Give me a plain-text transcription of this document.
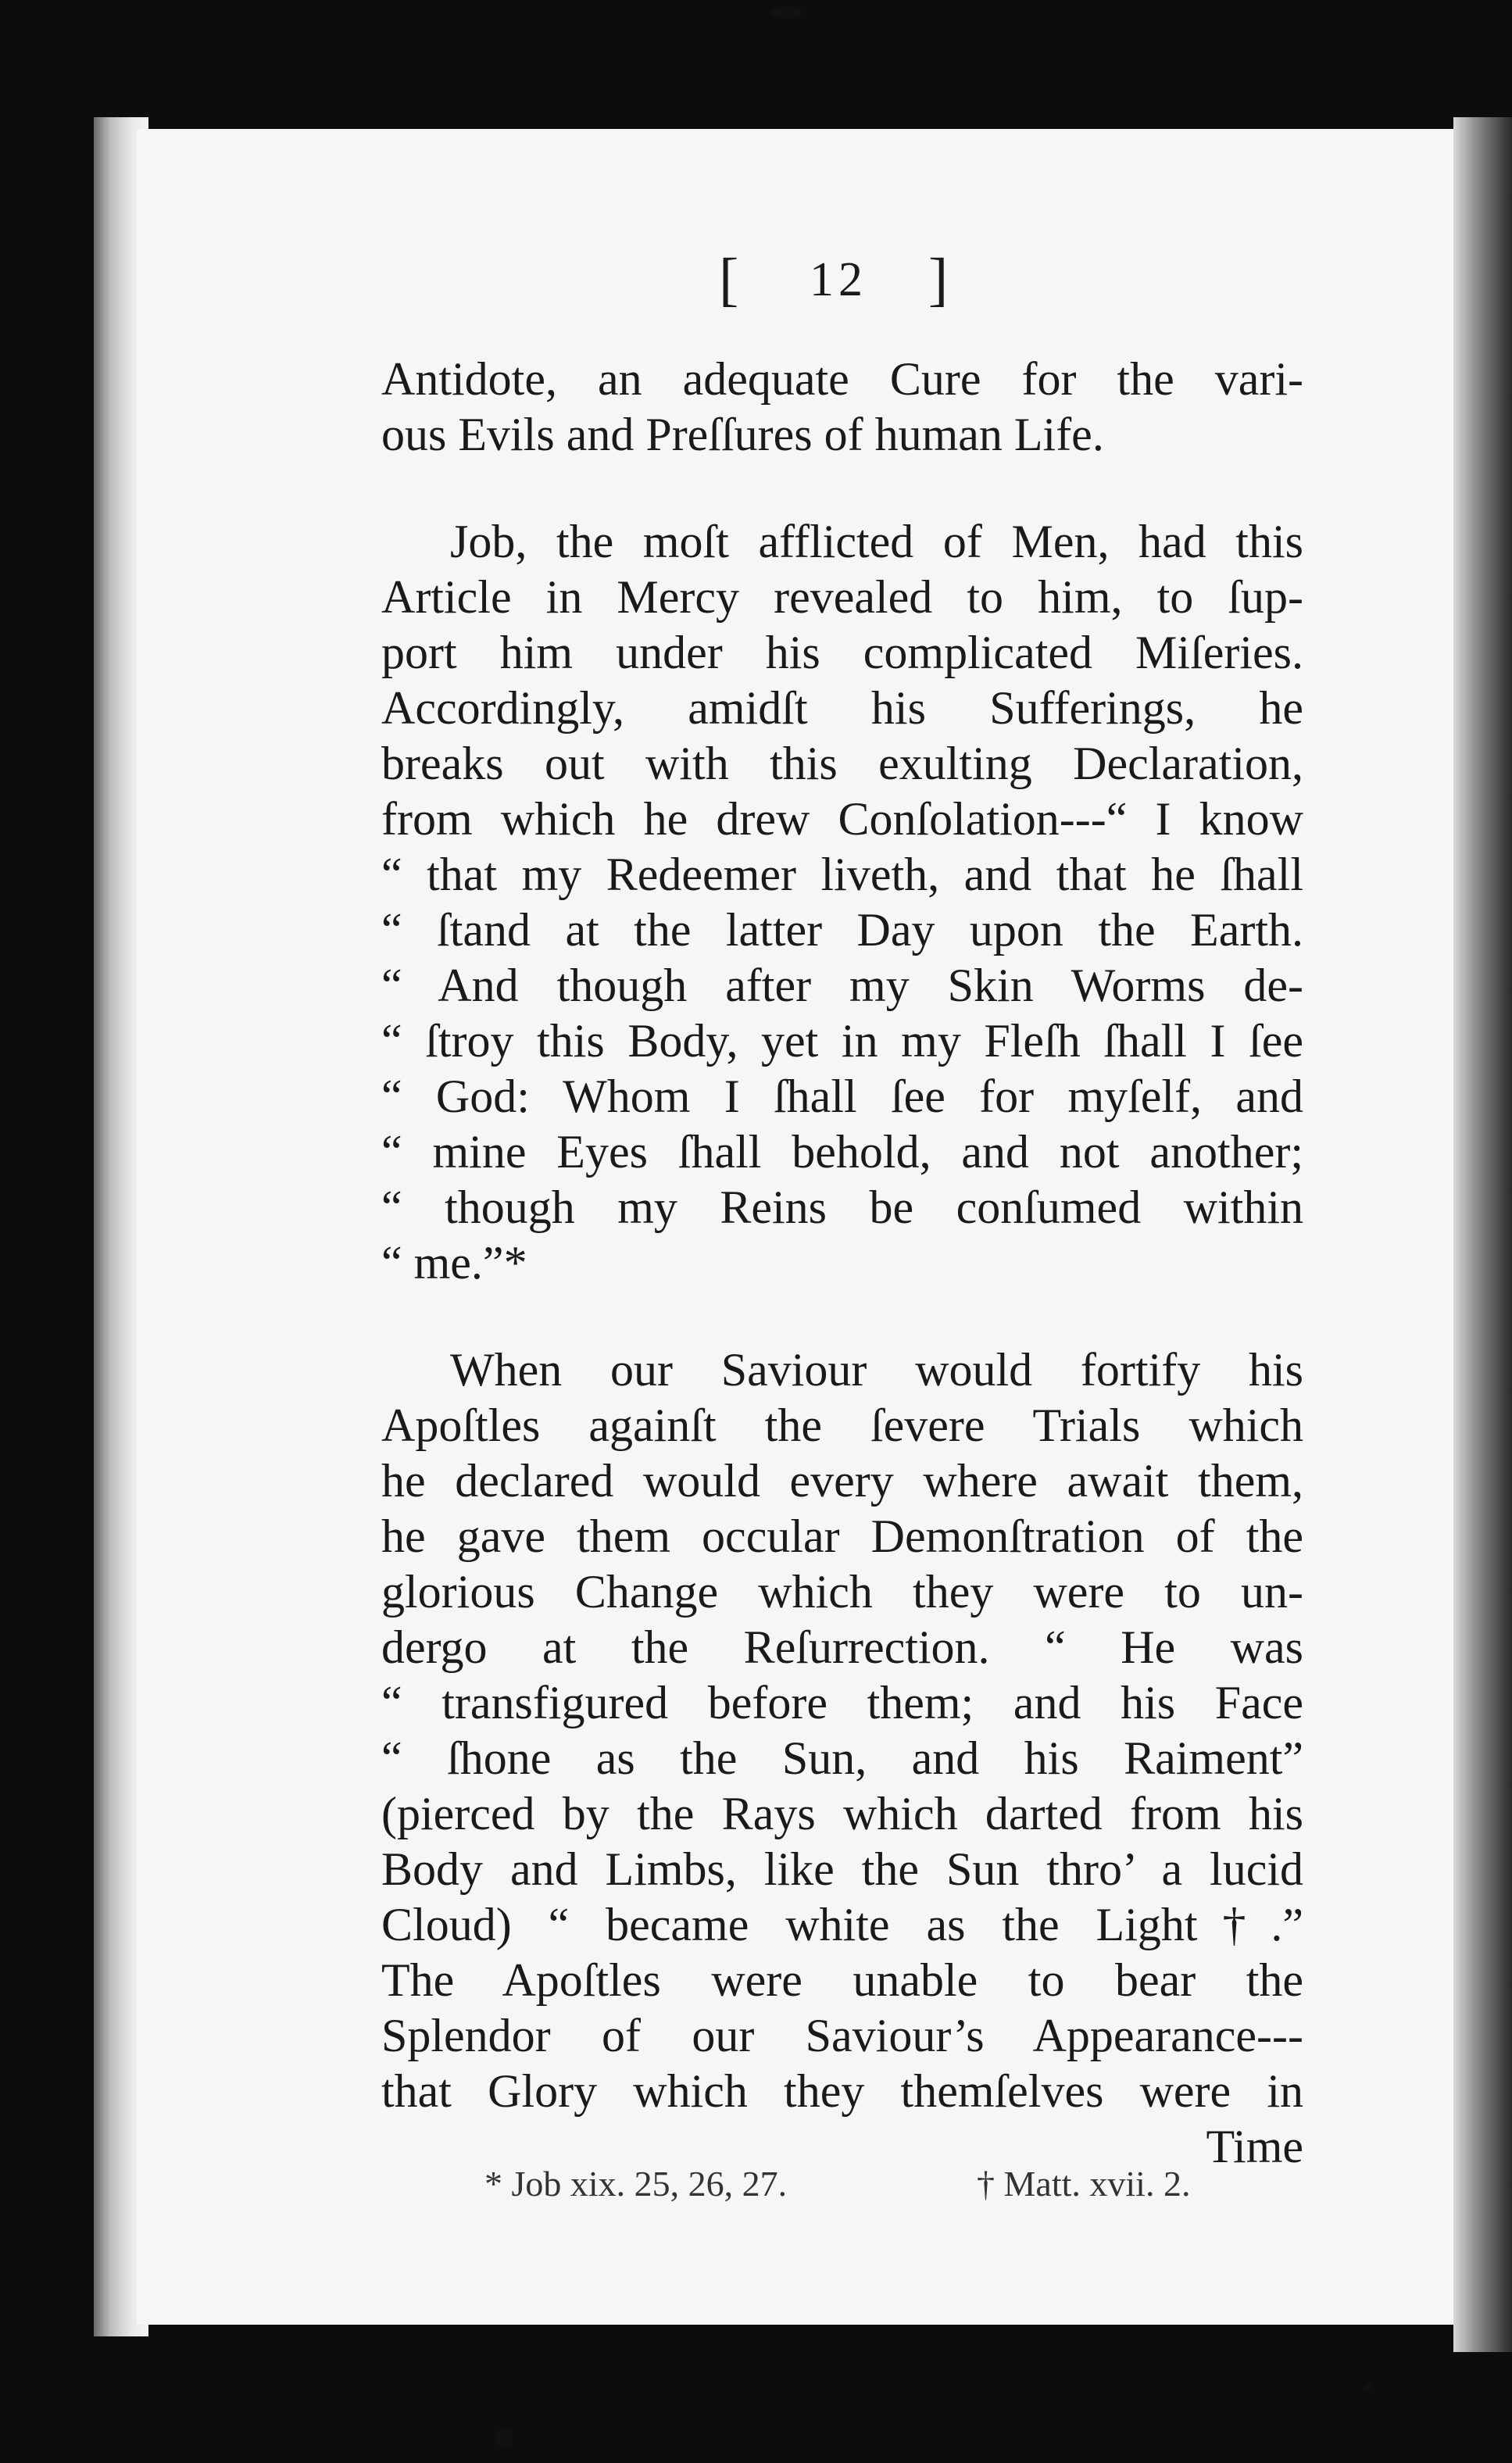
[ 12 ]
Antidote, an adequate Cure for the vari-
ous Evils and Preſſures of human Life.
Job, the moſt afflicted of Men, had this
Article in Mercy revealed to him, to ſup-
port him under his complicated Miſeries.
Accordingly, amidſt his Sufferings, he
breaks out with this exulting Declaration,
from which he drew Conſolation---“ I know
“ that my Redeemer liveth, and that he ſhall
“ ſtand at the latter Day upon the Earth.
“ And though after my Skin Worms de-
“ ſtroy this Body, yet in my Fleſh ſhall I ſee
“ God: Whom I ſhall ſee for myſelf, and
“ mine Eyes ſhall behold, and not another;
“ though my Reins be conſumed within
“ me.”*
When our Saviour would fortify his
Apoſtles againſt the ſevere Trials which
he declared would every where await them,
he gave them occular Demonſtration of the
glorious Change which they were to un-
dergo at the Reſurrection. “ He was
“ transfigured before them; and his Face
“ ſhone as the Sun, and his Raiment”
(pierced by the Rays which darted from his
Body and Limbs, like the Sun thro’ a lucid
Cloud) “ became white as the Light†.”
The Apoſtles were unable to bear the
Splendor of our Saviour’s Appearance---
that Glory which they themſelves were in
Time
* Job xix. 25, 26, 27.	† Matt. xvii. 2.
